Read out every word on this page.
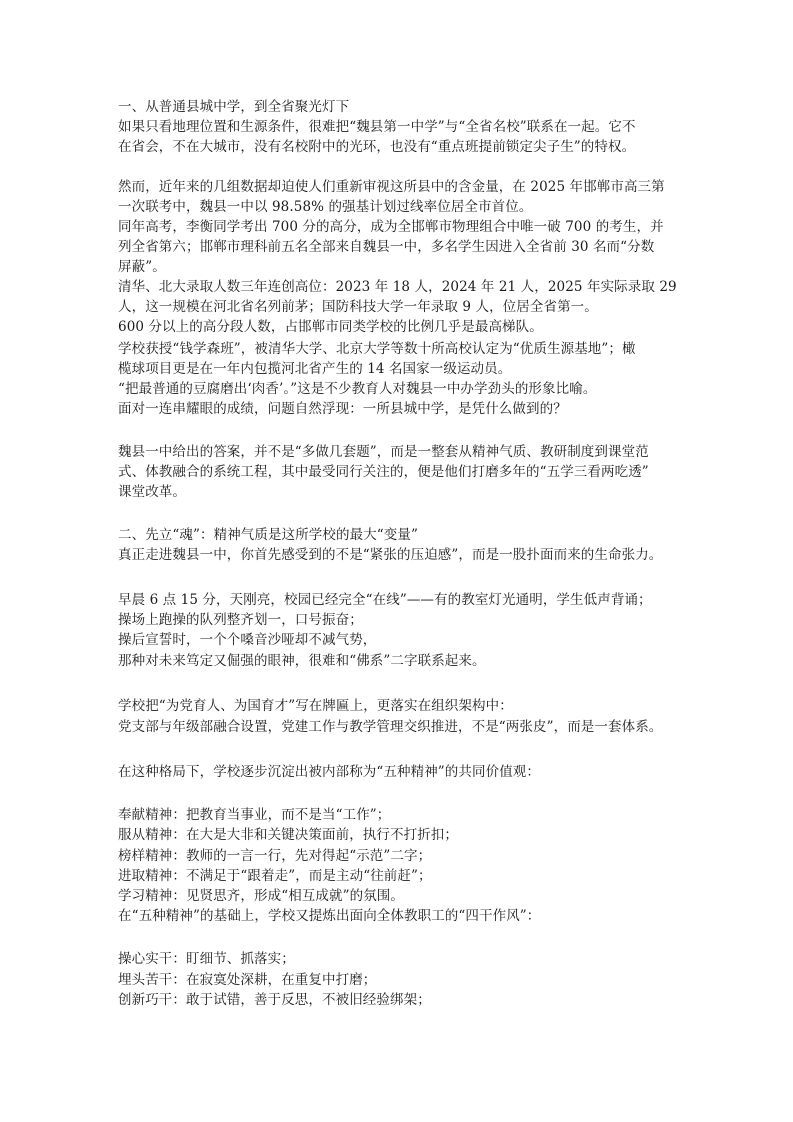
一、从普通县城中学，到全省聚光灯下
如果只看地理位置和生源条件，很难把“魏县第一中学”与“全省名校”联系在一起。它不
在省会，不在大城市，没有名校附中的光环，也没有“重点班提前锁定尖子生”的特权。
然而，近年来的几组数据却迫使人们重新审视这所县中的含金量，在 2025 年邯郸市高三第
一次联考中，魏县一中以 98.58% 的强基计划过线率位居全市首位。
同年高考，李衡同学考出 700 分的高分，成为全邯郸市物理组合中唯一破 700 的考生，并
列全省第六；邯郸市理科前五名全部来自魏县一中，多名学生因进入全省前 30 名而“分数
屏蔽”。
清华、北大录取人数三年连创高位：2023 年 18 人，2024 年 21 人，2025 年实际录取 29
人，这一规模在河北省名列前茅；国防科技大学一年录取 9 人，位居全省第一。
600 分以上的高分段人数，占邯郸市同类学校的比例几乎是最高梯队。
学校获授“钱学森班”，被清华大学、北京大学等数十所高校认定为“优质生源基地”；橄
榄球项目更是在一年内包揽河北省产生的 14 名国家一级运动员。
“把最普通的豆腐磨出‘肉香’。”这是不少教育人对魏县一中办学劲头的形象比喻。
面对一连串耀眼的成绩，问题自然浮现：一所县城中学，是凭什么做到的？
魏县一中给出的答案，并不是“多做几套题”，而是一整套从精神气质、教研制度到课堂范
式、体教融合的系统工程，其中最受同行关注的，便是他们打磨多年的“五学三看两吃透”
课堂改革。
二、先立“魂”：精神气质是这所学校的最大“变量”
真正走进魏县一中，你首先感受到的不是“紧张的压迫感”，而是一股扑面而来的生命张力。
早晨 6 点 15 分，天刚亮，校园已经完全“在线”——有的教室灯光通明，学生低声背诵；
操场上跑操的队列整齐划一，口号振奋；
操后宣誓时，一个个嗓音沙哑却不减气势，
那种对未来笃定又倔强的眼神，很难和“佛系”二字联系起来。
学校把“为党育人、为国育才”写在牌匾上，更落实在组织架构中：
党支部与年级部融合设置，党建工作与教学管理交织推进，不是“两张皮”，而是一套体系。
在这种格局下，学校逐步沉淀出被内部称为“五种精神”的共同价值观：
奉献精神：把教育当事业，而不是当“工作”；
服从精神：在大是大非和关键决策面前，执行不打折扣；
榜样精神：教师的一言一行，先对得起“示范”二字；
进取精神：不满足于“跟着走”，而是主动“往前赶”；
学习精神：见贤思齐，形成“相互成就”的氛围。
在“五种精神”的基础上，学校又提炼出面向全体教职工的“四干作风”：
操心实干：盯细节、抓落实；
埋头苦干：在寂寞处深耕，在重复中打磨；
创新巧干：敢于试错，善于反思，不被旧经验绑架；
